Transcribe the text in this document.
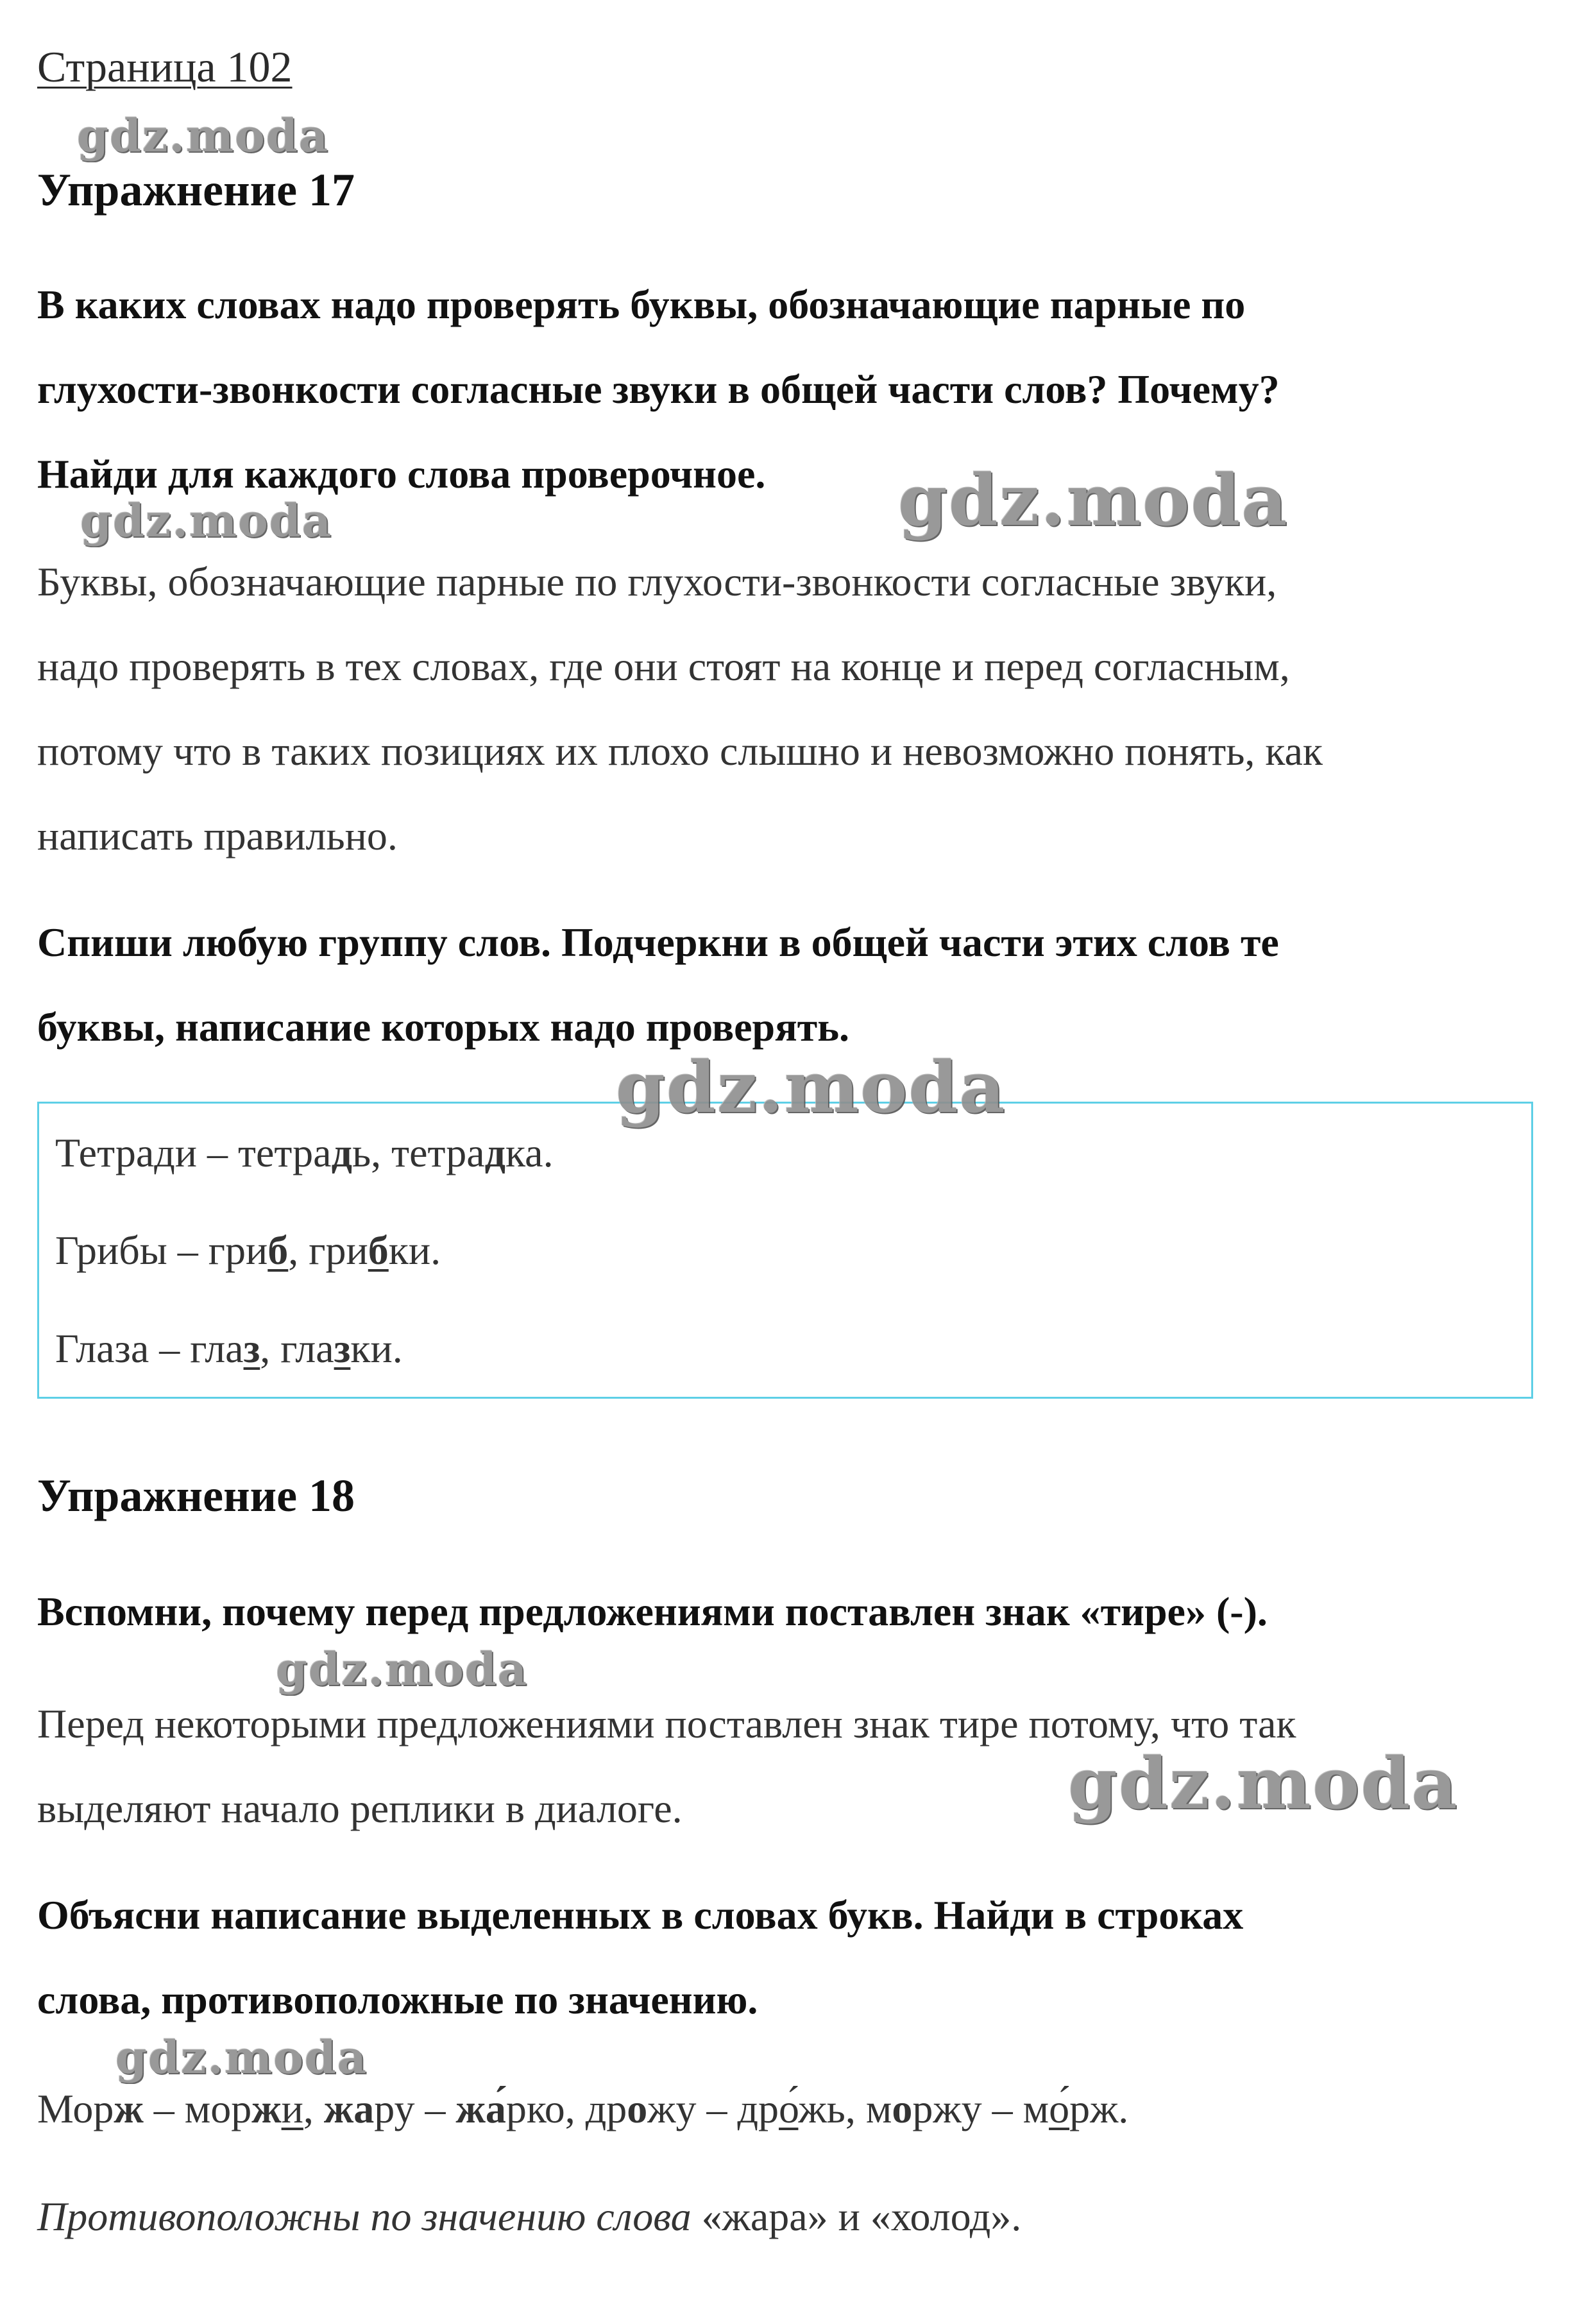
Страница 102
gdz.moda
Упражнение 17
В каких словах надо проверять буквы, обозначающие парные по
глухости-звонкости согласные звуки в общей части слов? Почему?
Найди для каждого слова проверочное.
gdz.moda	gdz.moda
Буквы, обозначающие парные по глухости-звонкости согласные звуки,
надо проверять в тех словах, где они стоят на конце и перед согласным,
потому что в таких позициях их плохо слышно и невозможно понять, как
написать правильно.
Спиши любую группу слов. Подчеркни в общей части этих слов те
буквы, написание которых надо проверять.
Тетради – тетрадь, тетрадка.
Грибы – гриб, грибки.
Глаза – глаз, глазки.
gdz.moda
Упражнение 18
Вспомни, почему перед предложениями поставлен знак «тире» (-).
gdz.moda
Перед некоторыми предложениями поставлен знак тире потому, что так
выделяют начало реплики в диалоге.	gdz.moda
Объясни написание выделенных в словах букв. Найди в строках
слова, противоположные по значению.
gdz.moda
Морж – моржи, жару – жа́рко, дрожу – дро́жь, моржу – мо́рж.
Противоположны по значению слова «жара» и «холод».
